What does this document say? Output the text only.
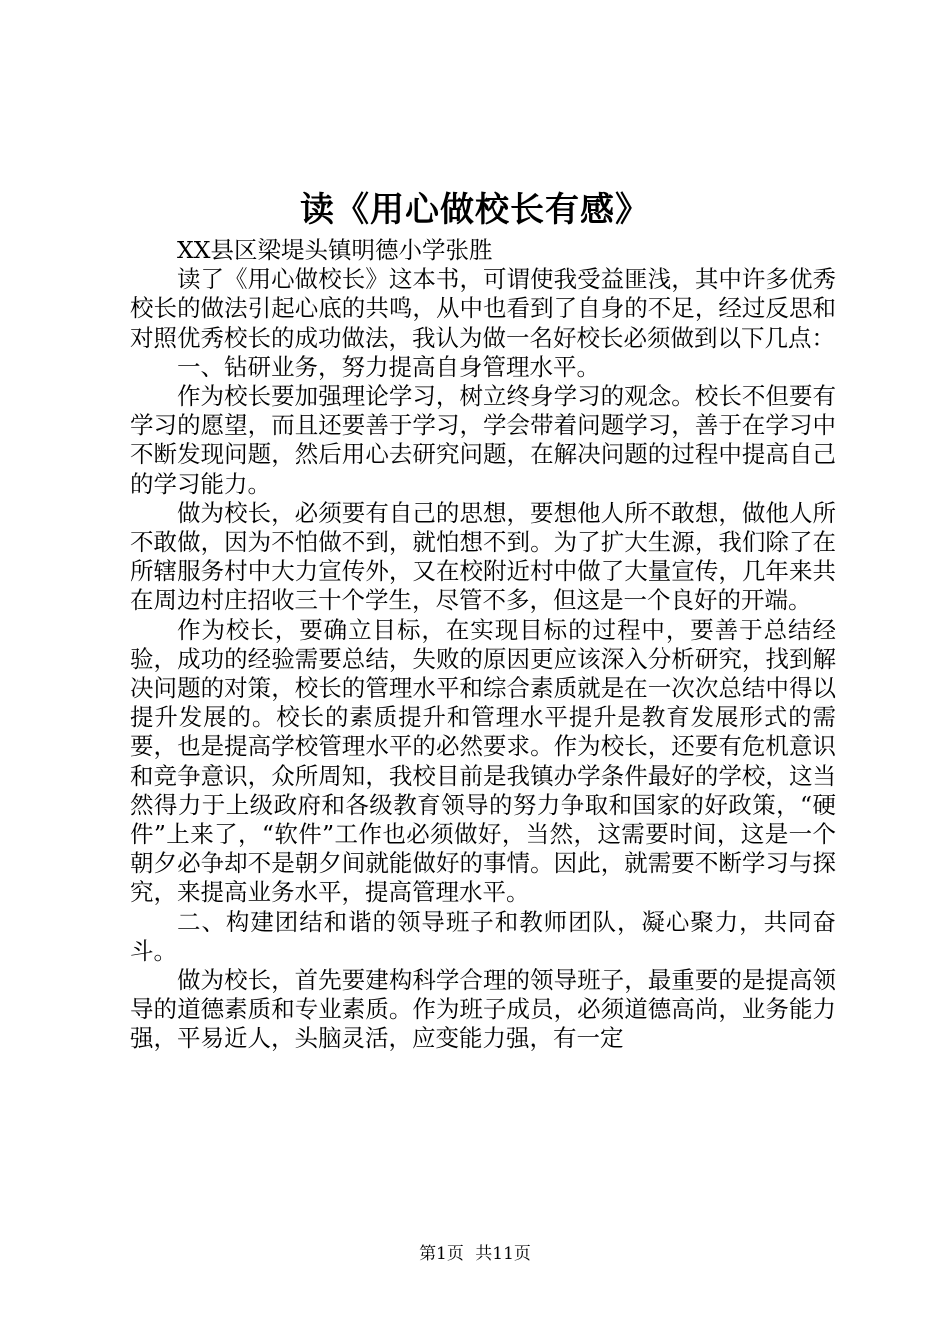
读《用心做校长有感》

XX县区梁堤头镇明德小学张胜

读了《用心做校长》这本书，可谓使我受益匪浅，其中许多优秀校长的做法引起心底的共鸣，从中也看到了自身的不足，经过反思和对照优秀校长的成功做法，我认为做一名好校长必须做到以下几点：

一、钻研业务，努力提高自身管理水平。

作为校长要加强理论学习，树立终身学习的观念。校长不但要有学习的愿望，而且还要善于学习，学会带着问题学习，善于在学习中不断发现问题，然后用心去研究问题，在解决问题的过程中提高自己的学习能力。

做为校长，必须要有自己的思想，要想他人所不敢想，做他人所不敢做，因为不怕做不到，就怕想不到。为了扩大生源，我们除了在所辖服务村中大力宣传外，又在校附近村中做了大量宣传，几年来共在周边村庄招收三十个学生，尽管不多，但这是一个良好的开端。

作为校长，要确立目标，在实现目标的过程中，要善于总结经验，成功的经验需要总结，失败的原因更应该深入分析研究，找到解决问题的对策，校长的管理水平和综合素质就是在一次次总结中得以提升发展的。校长的素质提升和管理水平提升是教育发展形式的需要，也是提高学校管理水平的必然要求。作为校长，还要有危机意识和竞争意识，众所周知，我校目前是我镇办学条件最好的学校，这当然得力于上级政府和各级教育领导的努力争取和国家的好政策，“硬件”上来了，“软件”工作也必须做好，当然，这需要时间，这是一个朝夕必争却不是朝夕间就能做好的事情。因此，就需要不断学习与探究，来提高业务水平，提高管理水平。

二、构建团结和谐的领导班子和教师团队，凝心聚力，共同奋斗。

做为校长，首先要建构科学合理的领导班子，最重要的是提高领导的道德素质和专业素质。作为班子成员，必须道德高尚，业务能力强，平易近人，头脑灵活，应变能力强，有一定

第1页 共11页
